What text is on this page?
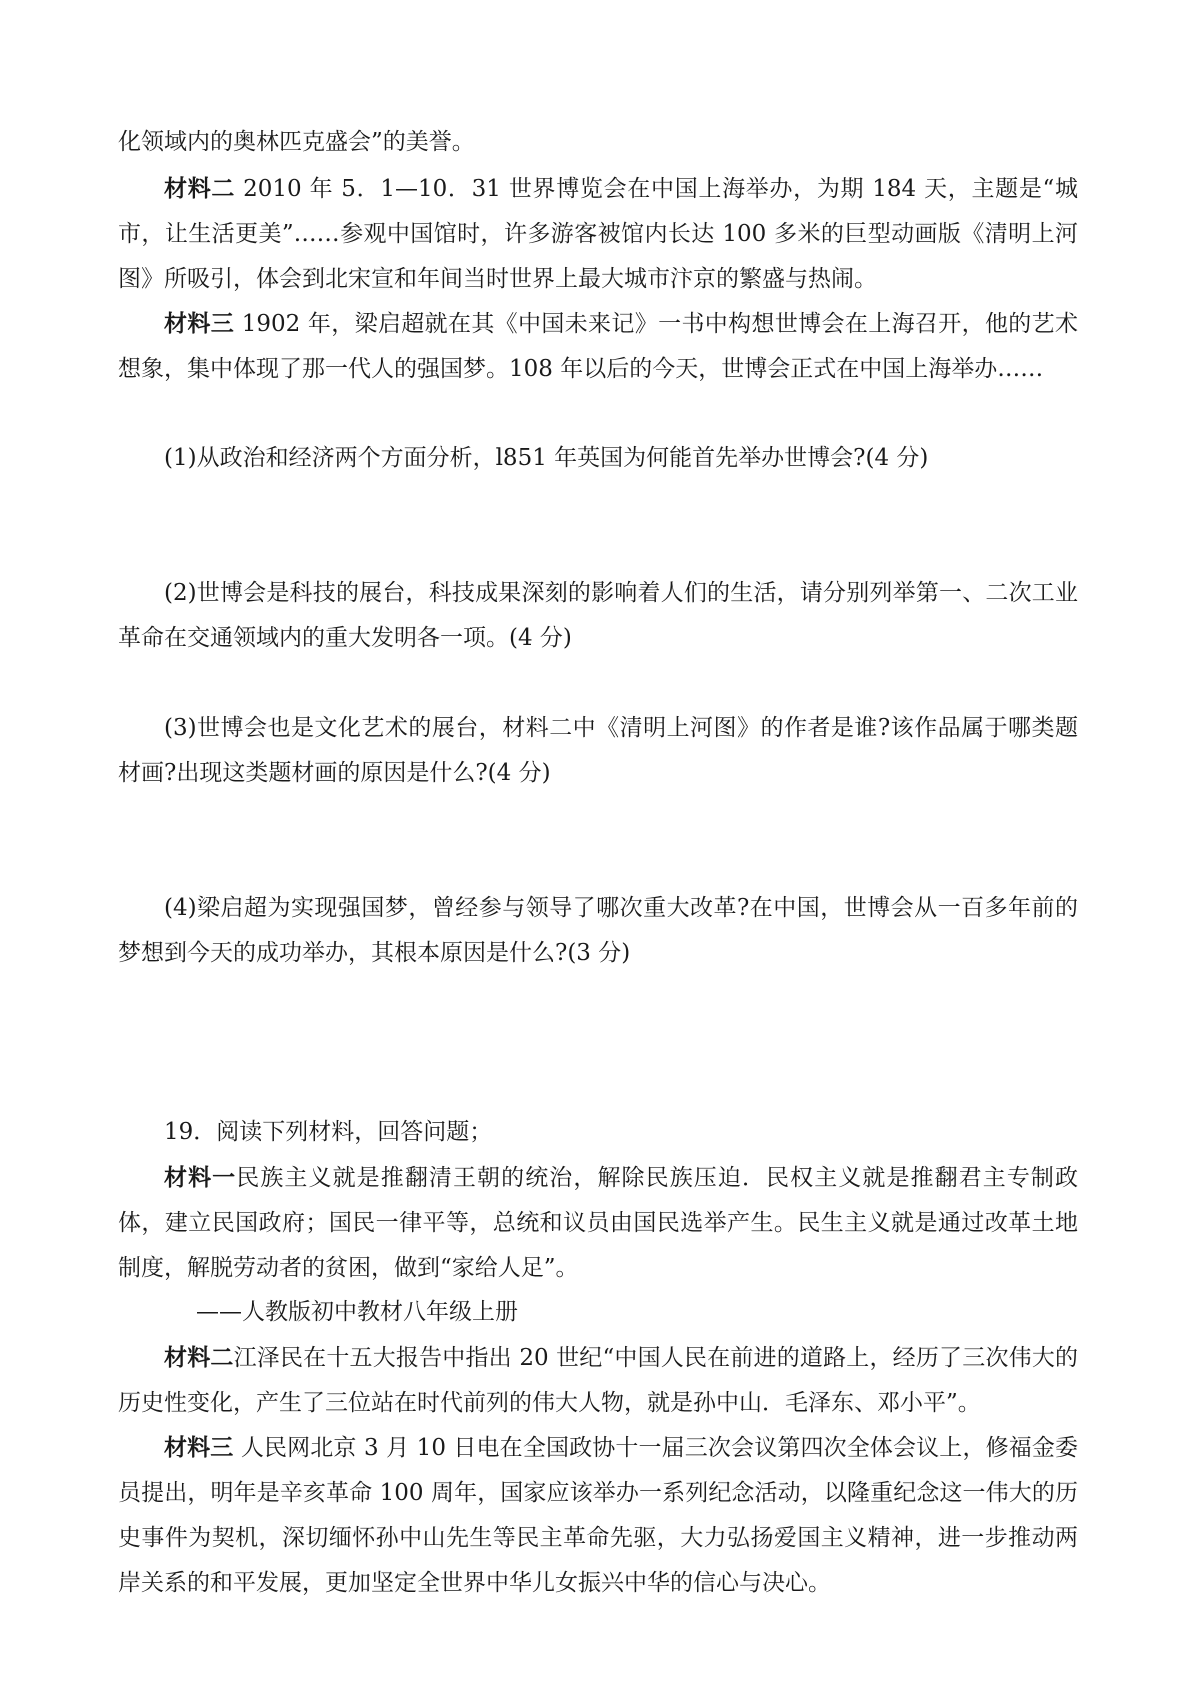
化领域内的奥林匹克盛会”的美誉。

材料二 2010 年 5．1—10．31 世界博览会在中国上海举办，为期 184 天，主题是“城市，让生活更美”……参观中国馆时，许多游客被馆内长达 100 多米的巨型动画版《清明上河图》所吸引，体会到北宋宣和年间当时世界上最大城市汴京的繁盛与热闹。

材料三 1902 年，梁启超就在其《中国未来记》一书中构想世博会在上海召开，他的艺术想象，集中体现了那一代人的强国梦。108 年以后的今天，世博会正式在中国上海举办……

(1)从政治和经济两个方面分析，l851 年英国为何能首先举办世博会?(4 分)

(2)世博会是科技的展台，科技成果深刻的影响着人们的生活，请分别列举第一、二次工业革命在交通领域内的重大发明各一项。(4 分)

(3)世博会也是文化艺术的展台，材料二中《清明上河图》的作者是谁?该作品属于哪类题材画?出现这类题材画的原因是什么?(4 分)

(4)梁启超为实现强国梦，曾经参与领导了哪次重大改革?在中国，世博会从一百多年前的梦想到今天的成功举办，其根本原因是什么?(3 分)

19．阅读下列材料，回答问题；

材料一民族主义就是推翻清王朝的统治，解除民族压迫．民权主义就是推翻君主专制政体，建立民国政府；国民一律平等，总统和议员由国民选举产生。民生主义就是通过改革土地制度，解脱劳动者的贫困，做到“家给人足”。

——人教版初中教材八年级上册

材料二江泽民在十五大报告中指出 20 世纪“中国人民在前进的道路上，经历了三次伟大的历史性变化，产生了三位站在时代前列的伟大人物，就是孙中山．毛泽东、邓小平”。

材料三 人民网北京 3 月 10 日电在全国政协十一届三次会议第四次全体会议上，修福金委员提出，明年是辛亥革命 100 周年，国家应该举办一系列纪念活动，以隆重纪念这一伟大的历史事件为契机，深切缅怀孙中山先生等民主革命先驱，大力弘扬爱国主义精神，进一步推动两岸关系的和平发展，更加坚定全世界中华儿女振兴中华的信心与决心。
